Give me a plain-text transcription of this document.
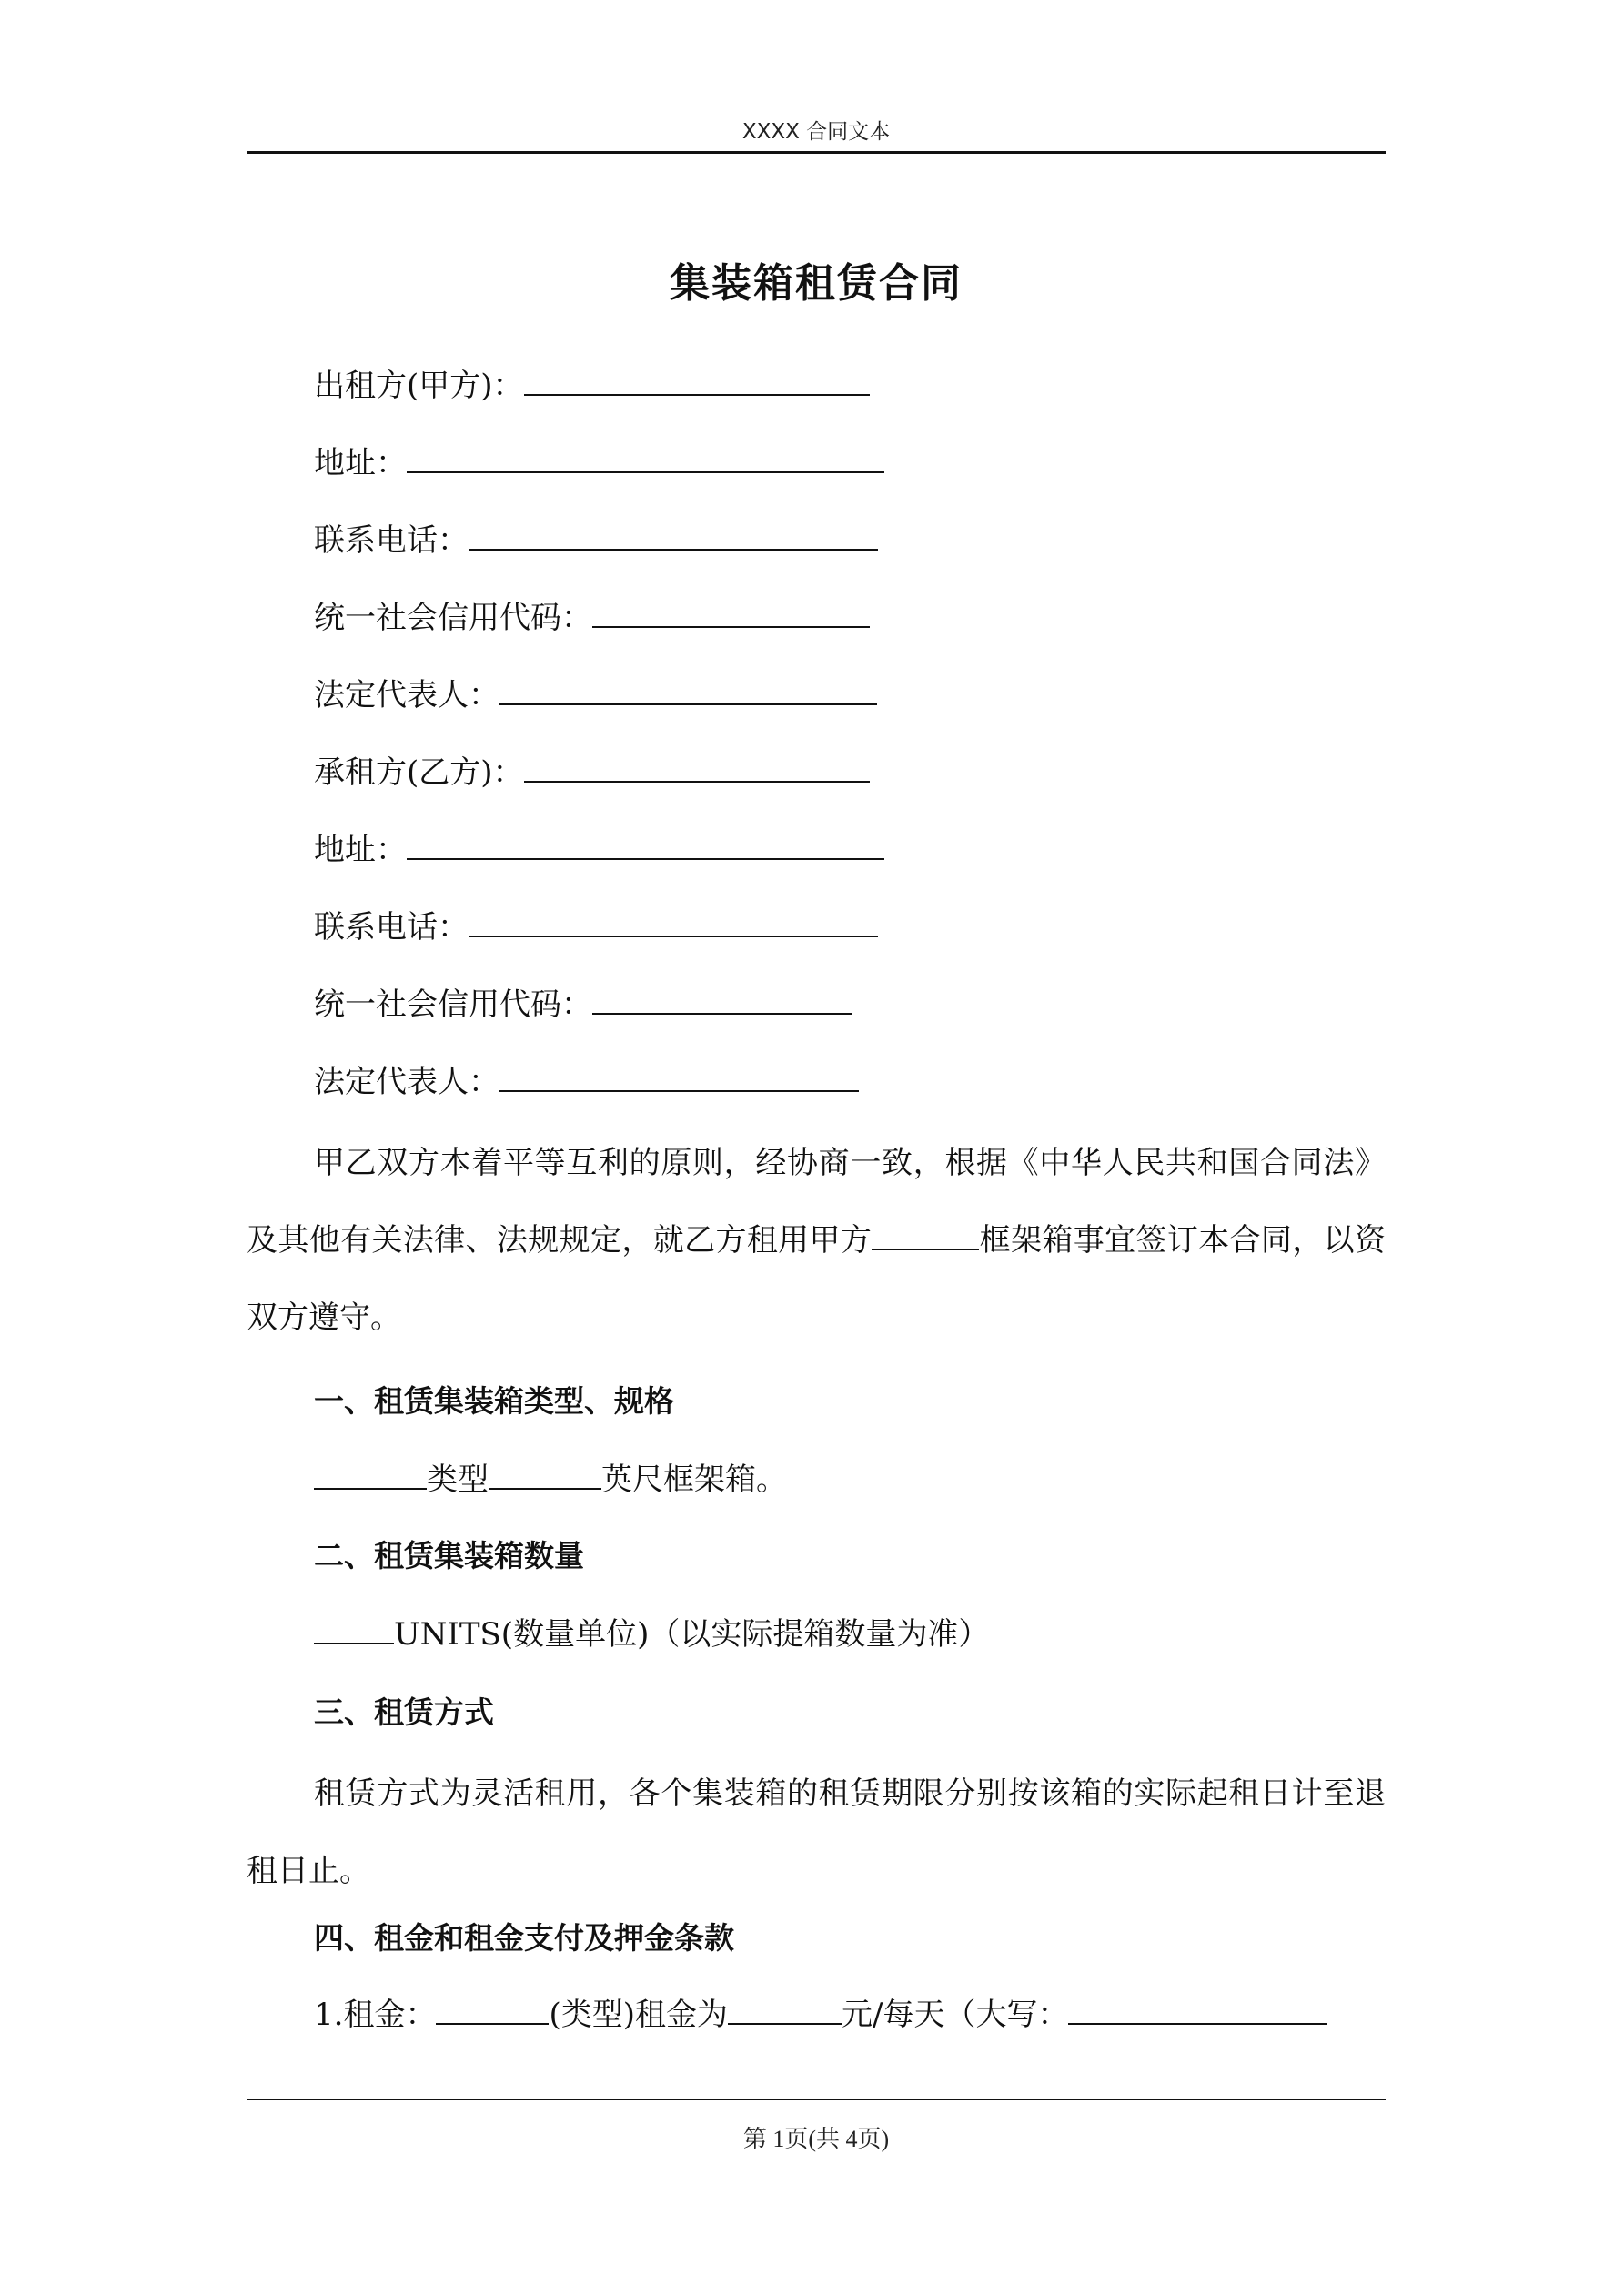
XXXX 合同文本
集装箱租赁合同
出租方(甲方)：
地址：
联系电话：
统一社会信用代码：
法定代表人：
承租方(乙方)：
地址：
联系电话：
统一社会信用代码：
法定代表人：
甲乙双方本着平等互利的原则，经协商一致，根据《中华人民共和国合同法》及其他有关法律、法规规定，就乙方租用甲方	框架箱事宜签订本合同，以资双方遵守。
一、租赁集装箱类型、规格
类型	英尺框架箱。
二、租赁集装箱数量
UNITS(数量单位)（以实际提箱数量为准）
三、租赁方式
租赁方式为灵活租用，各个集装箱的租赁期限分别按该箱的实际起租日计至退租日止。
四、租金和租金支付及押金条款
1.租金：	(类型)租金为	元/每天（大写：
第 1页(共 4页)
